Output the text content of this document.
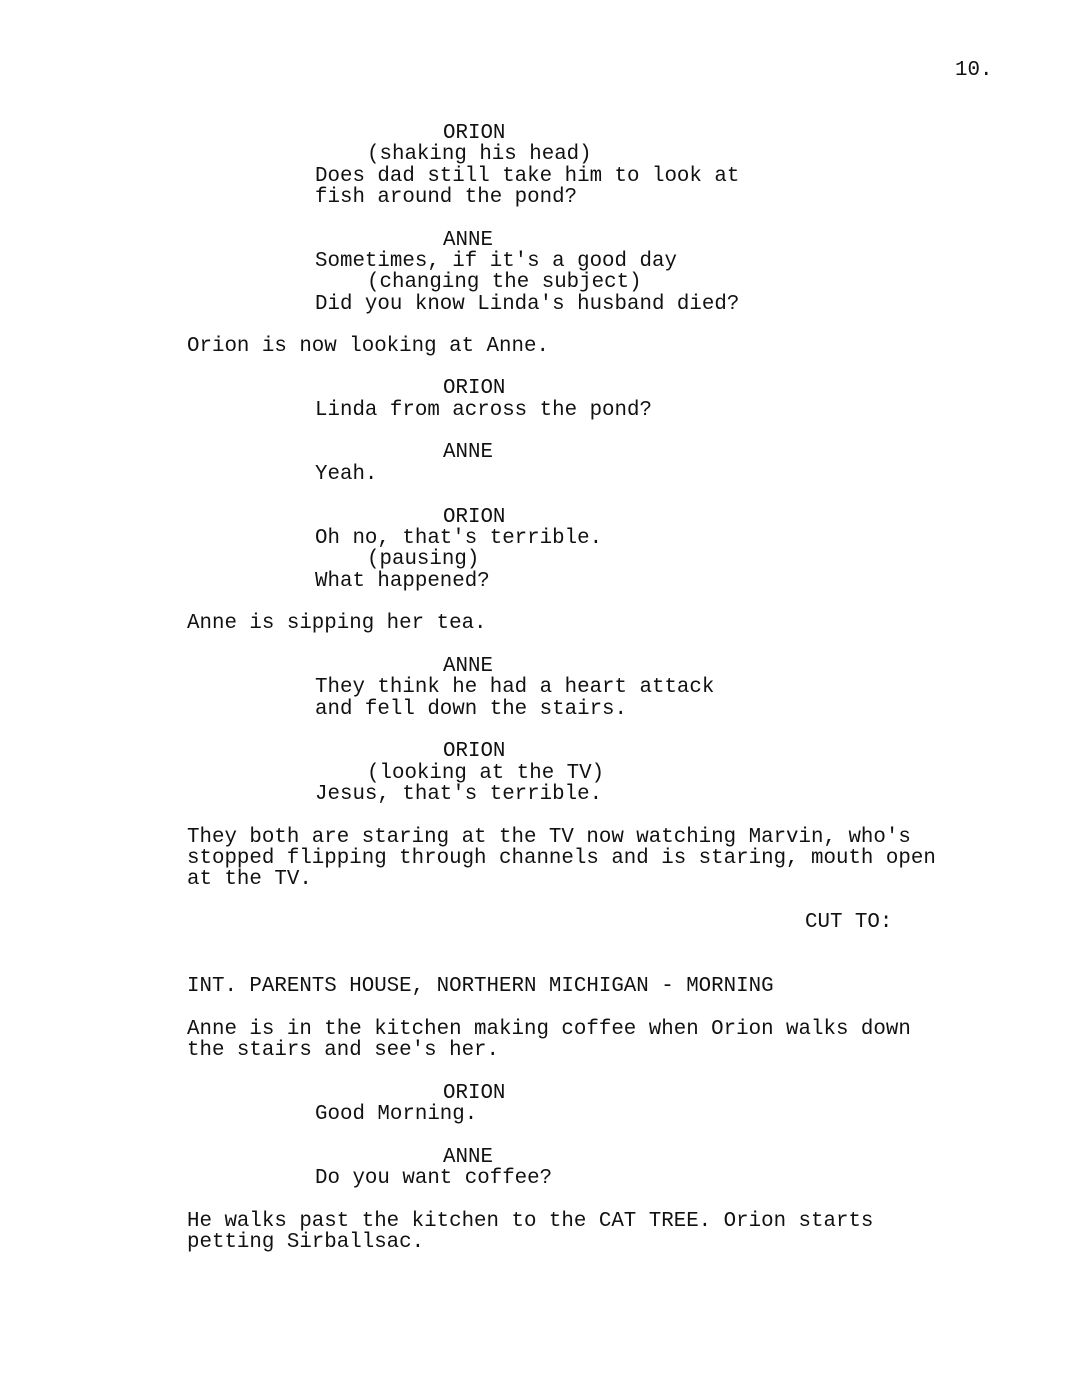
10.
ORION
(shaking his head)
Does dad still take him to look at
fish around the pond?
ANNE
Sometimes, if it's a good day
(changing the subject)
Did you know Linda's husband died?
Orion is now looking at Anne.
ORION
Linda from across the pond?
ANNE
Yeah.
ORION
Oh no, that's terrible.
(pausing)
What happened?
Anne is sipping her tea.
ANNE
They think he had a heart attack
and fell down the stairs.
ORION
(looking at the TV)
Jesus, that's terrible.
They both are staring at the TV now watching Marvin, who's
stopped flipping through channels and is staring, mouth open
at the TV.
CUT TO:
INT. PARENTS HOUSE, NORTHERN MICHIGAN - MORNING
Anne is in the kitchen making coffee when Orion walks down
the stairs and see's her.
ORION
Good Morning.
ANNE
Do you want coffee?
He walks past the kitchen to the CAT TREE. Orion starts
petting Sirballsac.
